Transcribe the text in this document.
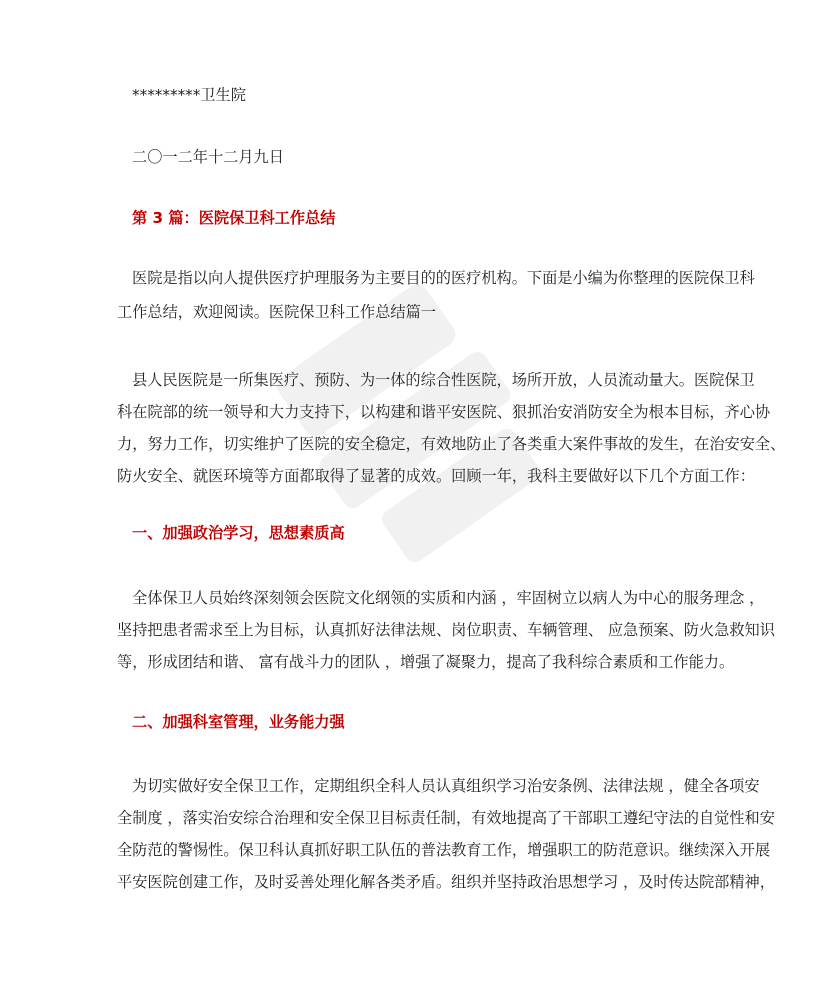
*********卫生院

二〇一二年十二月九日

第 3 篇：医院保卫科工作总结

医院是指以向人提供医疗护理服务为主要目的的医疗机构。下面是小编为你整理的医院保卫科

工作总结，欢迎阅读。医院保卫科工作总结篇一

县人民医院是一所集医疗、预防、为一体的综合性医院，场所开放，人员流动量大。医院保卫

科在院部的统一领导和大力支持下，以构建和谐平安医院、狠抓治安消防安全为根本目标，齐心协

力，努力工作，切实维护了医院的安全稳定，有效地防止了各类重大案件事故的发生，在治安安全、

防火安全、就医环境等方面都取得了显著的成效。回顾一年，我科主要做好以下几个方面工作：

一、加强政治学习，思想素质高

全体保卫人员始终深刻领会医院文化纲领的实质和内涵 ，牢固树立以病人为中心的服务理念 ，

坚持把患者需求至上为目标，认真抓好法律法规、岗位职责、车辆管理、 应急预案、防火急救知识

等，形成团结和谐、 富有战斗力的团队 ，增强了凝聚力，提高了我科综合素质和工作能力。

二、加强科室管理，业务能力强

为切实做好安全保卫工作，定期组织全科人员认真组织学习治安条例、法律法规 ，健全各项安

全制度 ，落实治安综合治理和安全保卫目标责任制，有效地提高了干部职工遵纪守法的自觉性和安

全防范的警惕性。保卫科认真抓好职工队伍的普法教育工作，增强职工的防范意识。继续深入开展

平安医院创建工作，及时妥善处理化解各类矛盾。组织并坚持政治思想学习 ，及时传达院部精神，
